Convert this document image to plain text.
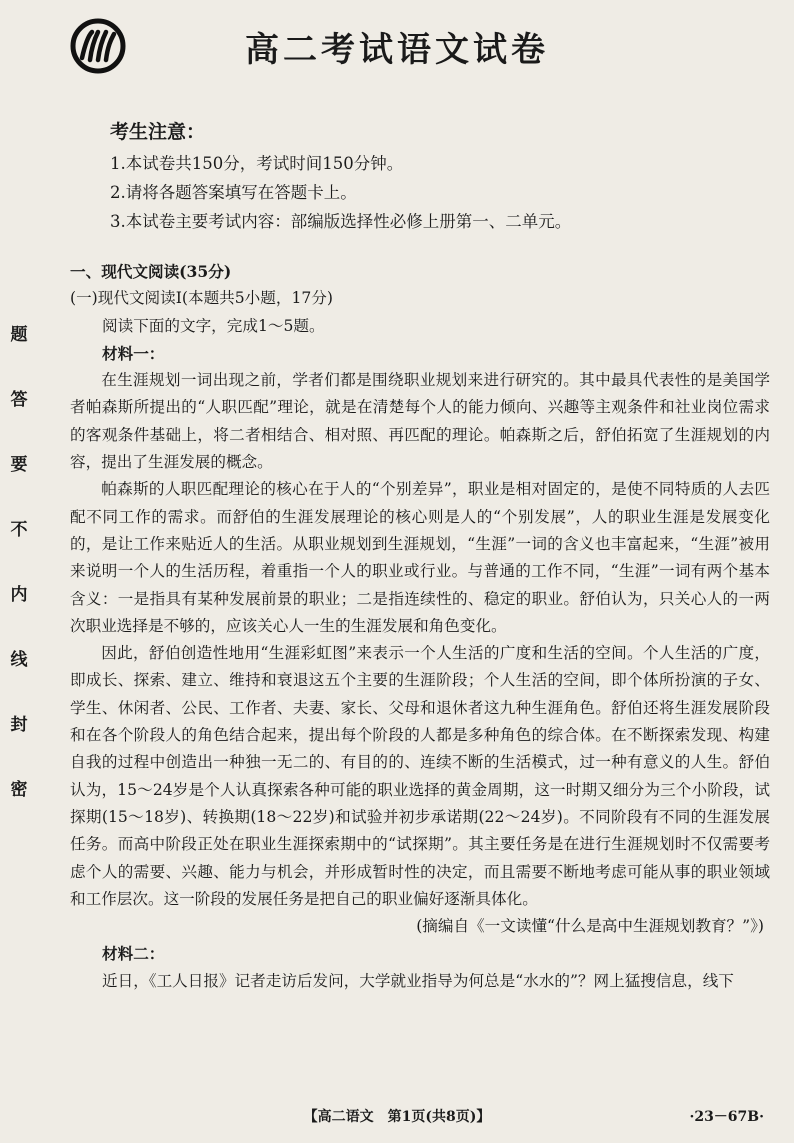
高二考试语文试卷
题
答
要
不
内
线
封
密
考生注意：
1.本试卷共150分，考试时间150分钟。
2.请将各题答案填写在答题卡上。
3.本试卷主要考试内容：部编版选择性必修上册第一、二单元。
一、现代文阅读(35分)
(一)现代文阅读Ⅰ(本题共5小题，17分)
阅读下面的文字，完成1～5题。
材料一：

在生涯规划一词出现之前，学者们都是围绕职业规划来进行研究的。其中最具代表性的是美国学者帕森斯所提出的“人职匹配”理论，就是在清楚每个人的能力倾向、兴趣等主观条件和社业岗位需求的客观条件基础上，将二者相结合、相对照、再匹配的理论。帕森斯之后，舒伯拓宽了生涯规划的内容，提出了生涯发展的概念。

帕森斯的人职匹配理论的核心在于人的“个别差异”，职业是相对固定的，是使不同特质的人去匹配不同工作的需求。而舒伯的生涯发展理论的核心则是人的“个别发展”，人的职业生涯是发展变化的，是让工作来贴近人的生活。从职业规划到生涯规划，“生涯”一词的含义也丰富起来，“生涯”被用来说明一个人的生活历程，着重指一个人的职业或行业。与普通的工作不同，“生涯”一词有两个基本含义：一是指具有某种发展前景的职业；二是指连续性的、稳定的职业。舒伯认为，只关心人的一两次职业选择是不够的，应该关心人一生的生涯发展和角色变化。

因此，舒伯创造性地用“生涯彩虹图”来表示一个人生活的广度和生活的空间。个人生活的广度，即成长、探索、建立、维持和衰退这五个主要的生涯阶段；个人生活的空间，即个体所扮演的子女、学生、休闲者、公民、工作者、夫妻、家长、父母和退休者这九种生涯角色。舒伯还将生涯发展阶段和在各个阶段人的角色结合起来，提出每个阶段的人都是多种角色的综合体。在不断探索发现、构建自我的过程中创造出一种独一无二的、有目的的、连续不断的生活模式，过一种有意义的人生。舒伯认为，15～24岁是个人认真探索各种可能的职业选择的黄金周期，这一时期又细分为三个小阶段，试探期(15～18岁)、转换期(18～22岁)和试验并初步承诺期(22～24岁)。不同阶段有不同的生涯发展任务。而高中阶段正处在职业生涯探索期中的“试探期”。其主要任务是在进行生涯规划时不仅需要考虑个人的需要、兴趣、能力与机会，并形成暂时性的决定，而且需要不断地考虑可能从事的职业领域和工作层次。这一阶段的发展任务是把自己的职业偏好逐渐具体化。

(摘编自《一文读懂“什么是高中生涯规划教育？”》)
材料二：
近日，《工人日报》记者走访后发问，大学就业指导为何总是“水水的”？网上猛搜信息，线下
【高二语文　第1页(共8页)】	·23－67B·
